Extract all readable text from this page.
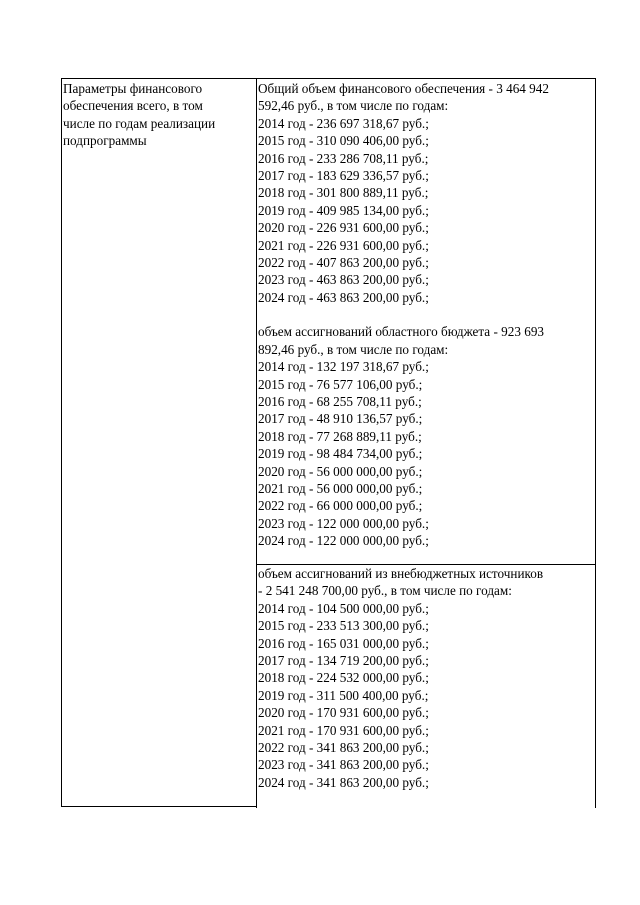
Параметры финансового
обеспечения всего, в том
числе по годам реализации
подпрограммы
Общий объем финансового обеспечения - 3 464 942
592,46 руб., в том числе по годам:
2014 год - 236 697 318,67 руб.;
2015 год - 310 090 406,00 руб.;
2016 год - 233 286 708,11 руб.;
2017 год - 183 629 336,57 руб.;
2018 год - 301 800 889,11 руб.;
2019 год - 409 985 134,00 руб.;
2020 год - 226 931 600,00 руб.;
2021 год - 226 931 600,00 руб.;
2022 год - 407 863 200,00 руб.;
2023 год - 463 863 200,00 руб.;
2024 год - 463 863 200,00 руб.;
объем ассигнований областного бюджета - 923 693
892,46 руб., в том числе по годам:
2014 год - 132 197 318,67 руб.;
2015 год - 76 577 106,00 руб.;
2016 год - 68 255 708,11 руб.;
2017 год - 48 910 136,57 руб.;
2018 год - 77 268 889,11 руб.;
2019 год - 98 484 734,00 руб.;
2020 год - 56 000 000,00 руб.;
2021 год - 56 000 000,00 руб.;
2022 год - 66 000 000,00 руб.;
2023 год - 122 000 000,00 руб.;
2024 год - 122 000 000,00 руб.;
объем ассигнований из внебюджетных источников
- 2 541 248 700,00 руб., в том числе по годам:
2014 год - 104 500 000,00 руб.;
2015 год - 233 513 300,00 руб.;
2016 год - 165 031 000,00 руб.;
2017 год - 134 719 200,00 руб.;
2018 год - 224 532 000,00 руб.;
2019 год - 311 500 400,00 руб.;
2020 год - 170 931 600,00 руб.;
2021 год - 170 931 600,00 руб.;
2022 год - 341 863 200,00 руб.;
2023 год - 341 863 200,00 руб.;
2024 год - 341 863 200,00 руб.;
